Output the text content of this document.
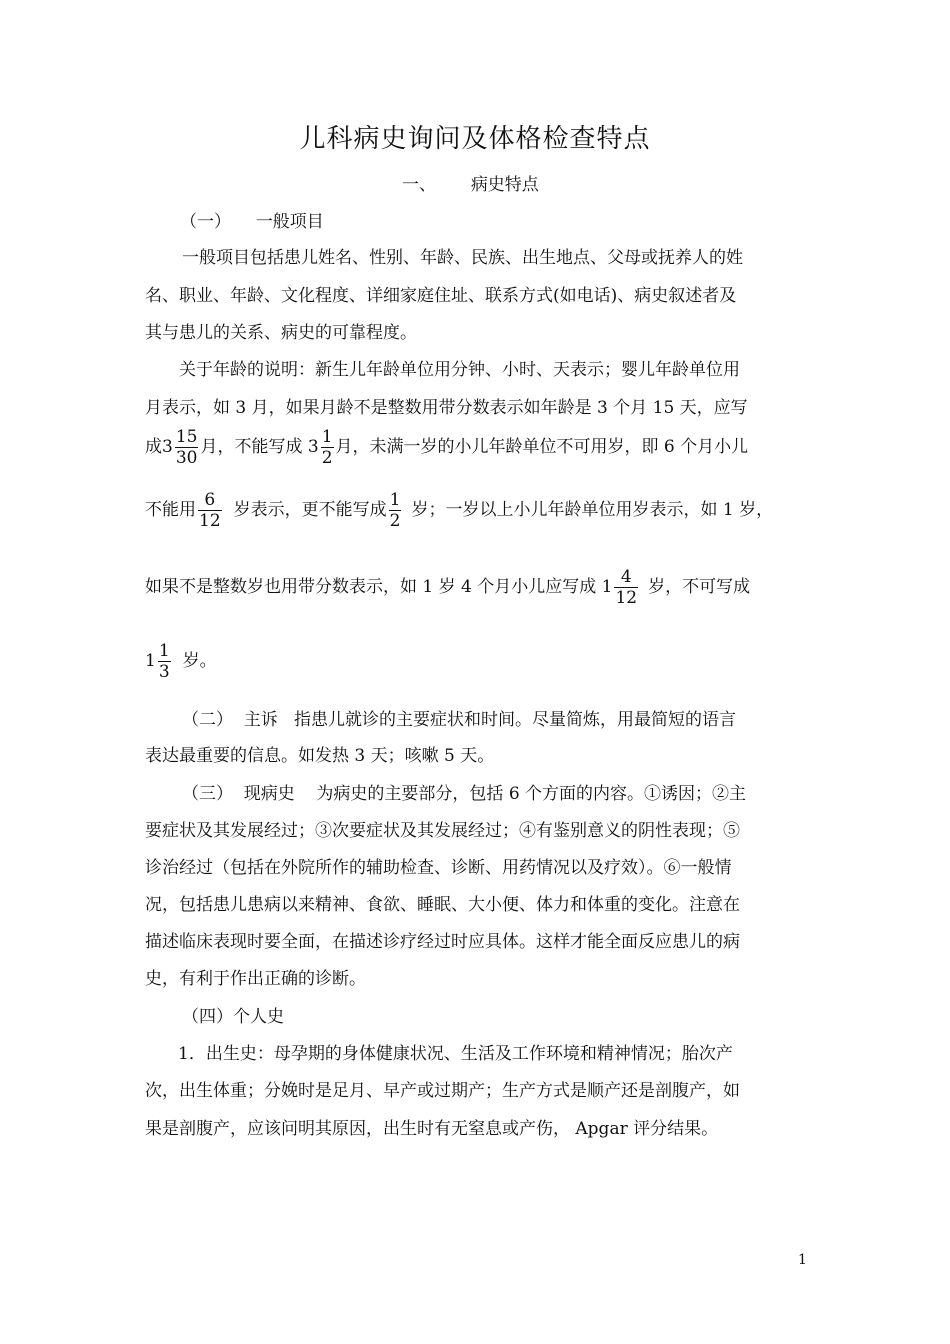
儿科病史询问及体格检查特点
一、 病史特点
（一） 一般项目
一般项目包括患儿姓名、性别、年龄、民族、出生地点、父母或抚养人的姓
名、职业、年龄、文化程度、详细家庭住址、联系方式(如电话)、病史叙述者及
其与患儿的关系、病史的可靠程度。
关于年龄的说明：新生儿年龄单位用分钟、小时、天表示；婴儿年龄单位用
月表示，如 3 月，如果月龄不是整数用带分数表示如年龄是 3 个月 15 天，应写
成$3 \frac{15}{30}$ 月，不能写成 $3 \frac{1}{2}$ 月，未满一岁的小儿年龄单位不可用岁，即 6 个月小儿
不能用 $\frac{6}{12}$ 岁表示，更不能写成 $\frac{1}{2}$ 岁；一岁以上小儿年龄单位用岁表示，如 1 岁，
如果不是整数岁也用带分数表示，如 1 岁 4 个月小儿应写成 $1 \frac{4}{12}$ 岁，不可写成
$1 \frac{1}{3}$ 岁。
（二）  主诉   指患儿就诊的主要症状和时间。尽量简炼，用最简短的语言
表达最重要的信息。如发热 3 天；咳嗽 5 天。
（三）  现病史    为病史的主要部分，包括 6 个方面的内容。①诱因；②主
要症状及其发展经过；③次要症状及其发展经过；④有鉴别意义的阴性表现；⑤
诊治经过（包括在外院所作的辅助检查、诊断、用药情况以及疗效）。⑥一般情
况，包括患儿患病以来精神、食欲、睡眠、大小便、体力和体重的变化。注意在
描述临床表现时要全面，在描述诊疗经过时应具体。这样才能全面反应患儿的病
史，有利于作出正确的诊断。
（四）个人史
1．出生史：母孕期的身体健康状况、生活及工作环境和精神情况；胎次产
次，出生体重；分娩时是足月、早产或过期产；生产方式是顺产还是剖腹产，如
果是剖腹产，应该问明其原因，出生时有无窒息或产伤， Apgar 评分结果。
1
